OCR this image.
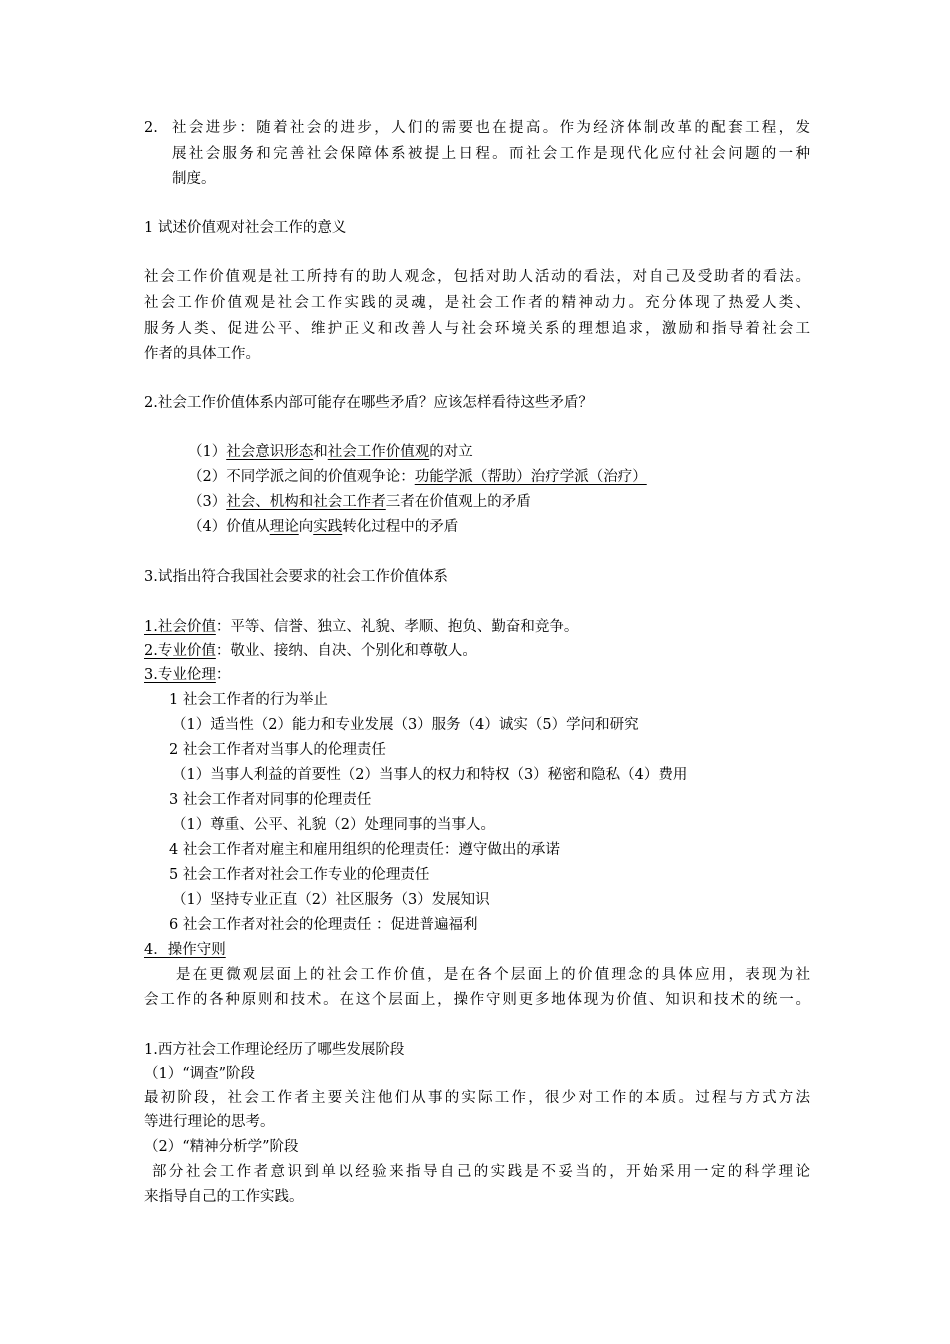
2. 社会进步：随着社会的进步，人们的需要也在提高。作为经济体制改革的配套工程，发
展社会服务和完善社会保障体系被提上日程。而社会工作是现代化应付社会问题的一种
制度。
1 试述价值观对社会工作的意义
社会工作价值观是社工所持有的助人观念，包括对助人活动的看法，对自己及受助者的看法。
社会工作价值观是社会工作实践的灵魂，是社会工作者的精神动力。充分体现了热爱人类、
服务人类、促进公平、维护正义和改善人与社会环境关系的理想追求，激励和指导着社会工
作者的具体工作。
2.社会工作价值体系内部可能存在哪些矛盾？应该怎样看待这些矛盾？
（1）社会意识形态和社会工作价值观的对立
（2）不同学派之间的价值观争论：功能学派（帮助）治疗学派（治疗）
（3）社会、机构和社会工作者三者在价值观上的矛盾
（4）价值从理论向实践转化过程中的矛盾
3.试指出符合我国社会要求的社会工作价值体系
1.社会价值：平等、信誉、独立、礼貌、孝顺、抱负、勤奋和竞争。
2.专业价值：敬业、接纳、自决、个别化和尊敬人。
3.专业伦理：
1 社会工作者的行为举止
（1）适当性（2）能力和专业发展（3）服务（4）诚实（5）学问和研究
2 社会工作者对当事人的伦理责任
（1）当事人利益的首要性（2）当事人的权力和特权（3）秘密和隐私（4）费用
3 社会工作者对同事的伦理责任
（1）尊重、公平、礼貌（2）处理同事的当事人。
4 社会工作者对雇主和雇用组织的伦理责任：遵守做出的承诺
5 社会工作者对社会工作专业的伦理责任
（1）坚持专业正直（2）社区服务（3）发展知识
6 社会工作者对社会的伦理责任 ：促进普遍福利
4．操作守则
是在更微观层面上的社会工作价值，是在各个层面上的价值理念的具体应用，表现为社
会工作的各种原则和技术。在这个层面上，操作守则更多地体现为价值、知识和技术的统一。
1.西方社会工作理论经历了哪些发展阶段
（1）“调查”阶段
最初阶段，社会工作者主要关注他们从事的实际工作，很少对工作的本质。过程与方式方法
等进行理论的思考。
（2）“精神分析学”阶段
部分社会工作者意识到单以经验来指导自己的实践是不妥当的，开始采用一定的科学理论
来指导自己的工作实践。
